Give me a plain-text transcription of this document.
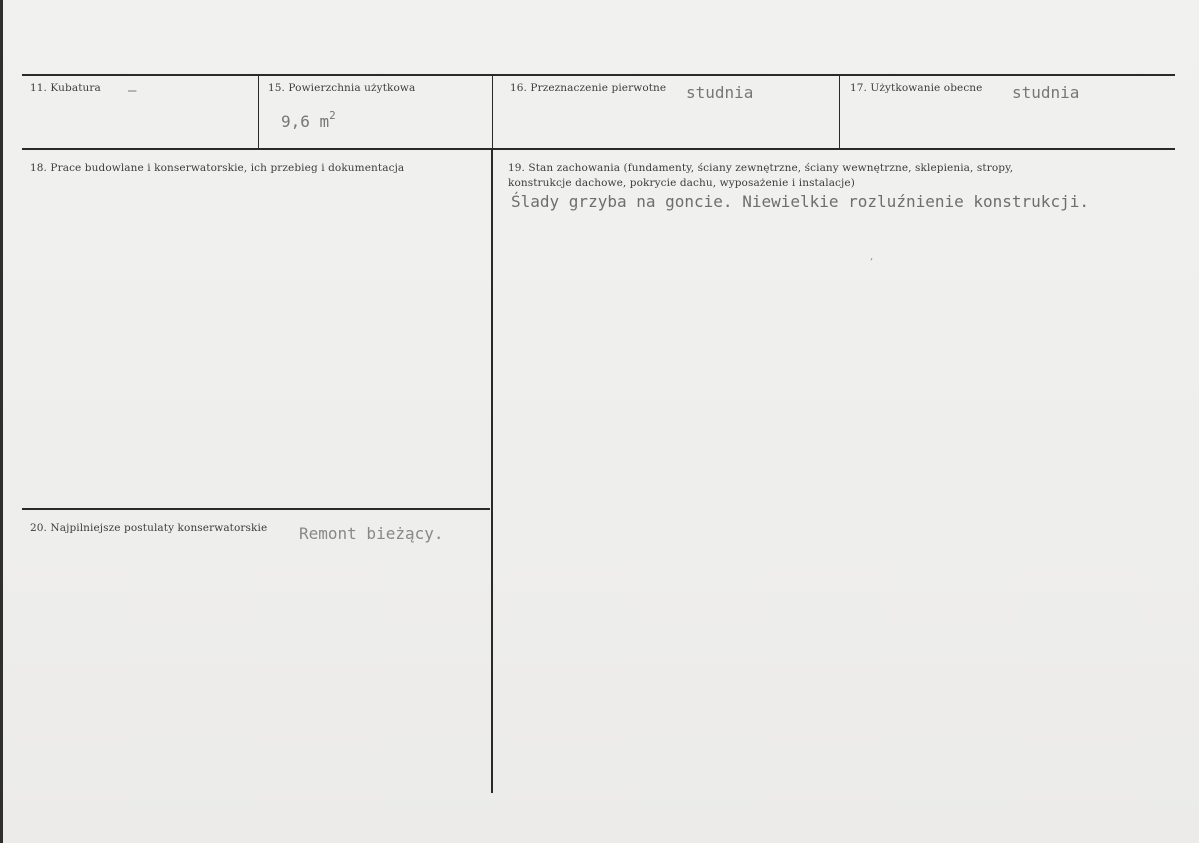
11. Kubatura –	15. Powierzchnia użytkowa
9,6 $m^2$
16. Przeznaczenie pierwotne studnia	17. Użytkowanie obecne studnia
18. Prace budowlane i konserwatorskie, ich przebieg i dokumentacja	19. Stan zachowania (fundamenty, ściany zewnętrzne, ściany wewnętrzne, sklepienia, stropy,
konstrukcje dachowe, pokrycie dachu, wyposażenie i instalacje)
Ślady grzyba na goncie. Niewielkie rozluźnienie konstrukcji.
20. Najpilniejsze postulaty konserwatorskie Remont bieżący.
‚
